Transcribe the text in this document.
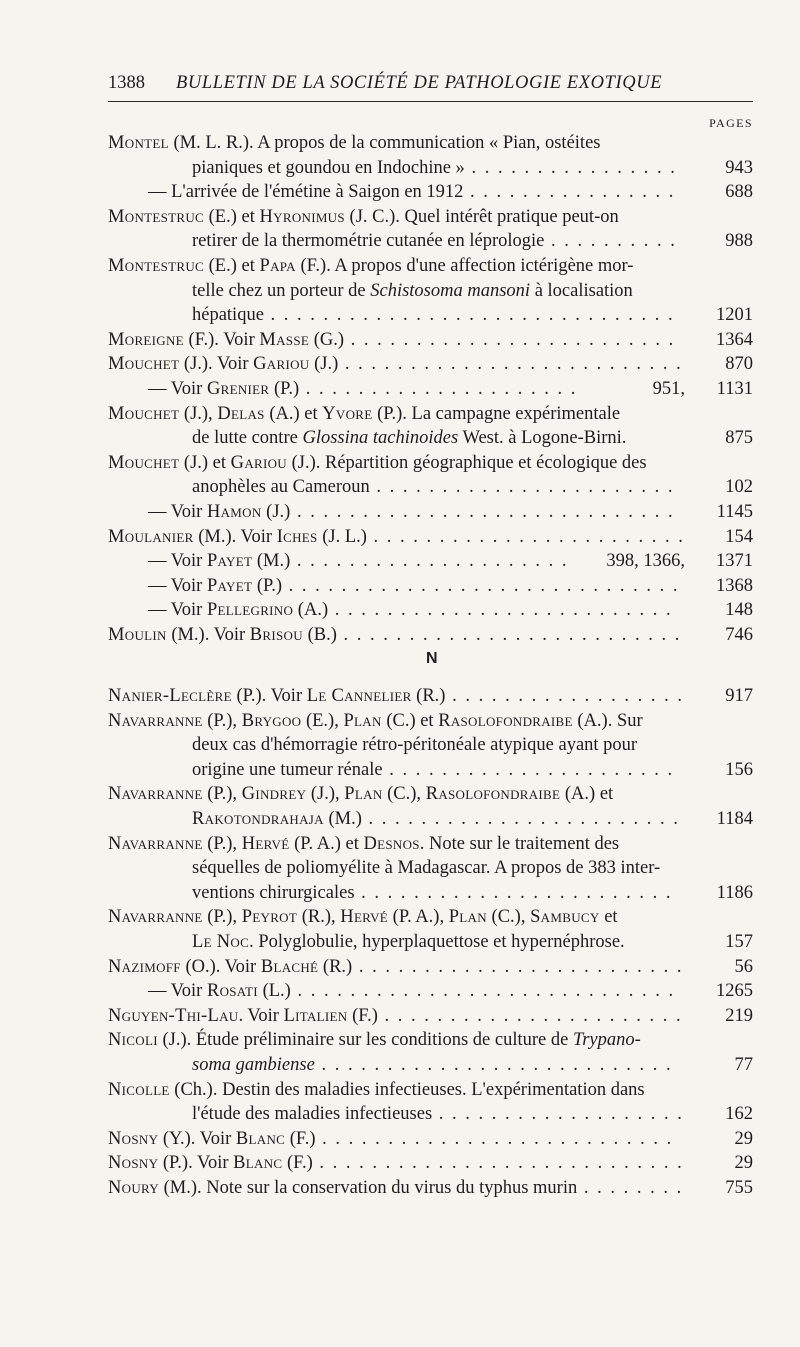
1388 BULLETIN DE LA SOCIÉTÉ DE PATHOLOGIE EXOTIQUE
PAGES
Montel (M. L. R.). A propos de la communication « Pian, ostéites
pianiques et goundou en Indochine » . . . . . . . . . . . . . . . .	943
— L'arrivée de l'émétine à Saigon en 1912 . . . . . . . . . . . . . . . .	688
Montestruc (E.) et Hyronimus (J. C.). Quel intérêt pratique peut-on
retirer de la thermométrie cutanée en léprologie . . . . . . . . . .	988
Montestruc (E.) et Papa (F.). A propos d'une affection ictérigène mor-
telle chez un porteur de Schistosoma mansoni à localisation
hépatique . . . . . . . . . . . . . . . . . . . . . . . . . . . . . . .	1201
Moreigne (F.). Voir Masse (G.) . . . . . . . . . . . . . . . . . . . . . . . . .	1364
Mouchet (J.). Voir Gariou (J.) . . . . . . . . . . . . . . . . . . . . . . . . . .	870
— Voir Grenier (P.) . . . . . . . . . . . . . . . . . . . . .	951,	1131
Mouchet (J.), Delas (A.) et Yvore (P.). La campagne expérimentale
de lutte contre Glossina tachinoides West. à Logone-Birni.	875
Mouchet (J.) et Gariou (J.). Répartition géographique et écologique des
anophèles au Cameroun . . . . . . . . . . . . . . . . . . . . . . .	102
— Voir Hamon (J.) . . . . . . . . . . . . . . . . . . . . . . . . . . . . .	1145
Moulanier (M.). Voir Iches (J. L.) . . . . . . . . . . . . . . . . . . . . . . . .	154
— Voir Payet (M.) . . . . . . . . . . . . . . . . . . . . . 398, 1366,	1371
— Voir Payet (P.) . . . . . . . . . . . . . . . . . . . . . . . . . . . . . .	1368
— Voir Pellegrino (A.) . . . . . . . . . . . . . . . . . . . . . . . . . .	148
Moulin (M.). Voir Brisou (B.) . . . . . . . . . . . . . . . . . . . . . . . . . .	746
N
Nanier-Leclère (P.). Voir Le Cannelier (R.) . . . . . . . . . . . . . . . . . .	917
Navarranne (P.), Brygoo (E.), Plan (C.) et Rasolofondraibe (A.). Sur
deux cas d'hémorragie rétro-péritonéale atypique ayant pour
origine une tumeur rénale . . . . . . . . . . . . . . . . . . . . . .	156
Navarranne (P.), Gindrey (J.), Plan (C.), Rasolofondraibe (A.) et
Rakotondrahaja (M.) . . . . . . . . . . . . . . . . . . . . . . . .	1184
Navarranne (P.), Hervé (P. A.) et Desnos. Note sur le traitement des
séquelles de poliomyélite à Madagascar. A propos de 383 inter-
ventions chirurgicales . . . . . . . . . . . . . . . . . . . . . . . .	1186
Navarranne (P.), Peyrot (R.), Hervé (P. A.), Plan (C.), Sambucy et
Le Noc. Polyglobulie, hyperplaquettose et hypernéphrose.	157
Nazimoff (O.). Voir Blaché (R.) . . . . . . . . . . . . . . . . . . . . . . . . .	56
— Voir Rosati (L.) . . . . . . . . . . . . . . . . . . . . . . . . . . . . .	1265
Nguyen-Thi-Lau. Voir Litalien (F.) . . . . . . . . . . . . . . . . . . . . . . .	219
Nicoli (J.). Étude préliminaire sur les conditions de culture de Trypano-
soma gambiense . . . . . . . . . . . . . . . . . . . . . . . . . . .	77
Nicolle (Ch.). Destin des maladies infectieuses. L'expérimentation dans
l'étude des maladies infectieuses . . . . . . . . . . . . . . . . . . .	162
Nosny (Y.). Voir Blanc (F.) . . . . . . . . . . . . . . . . . . . . . . . . . . .	29
Nosny (P.). Voir Blanc (F.) . . . . . . . . . . . . . . . . . . . . . . . . . . . .	29
Noury (M.). Note sur la conservation du virus du typhus murin . . . . . . . .	755
